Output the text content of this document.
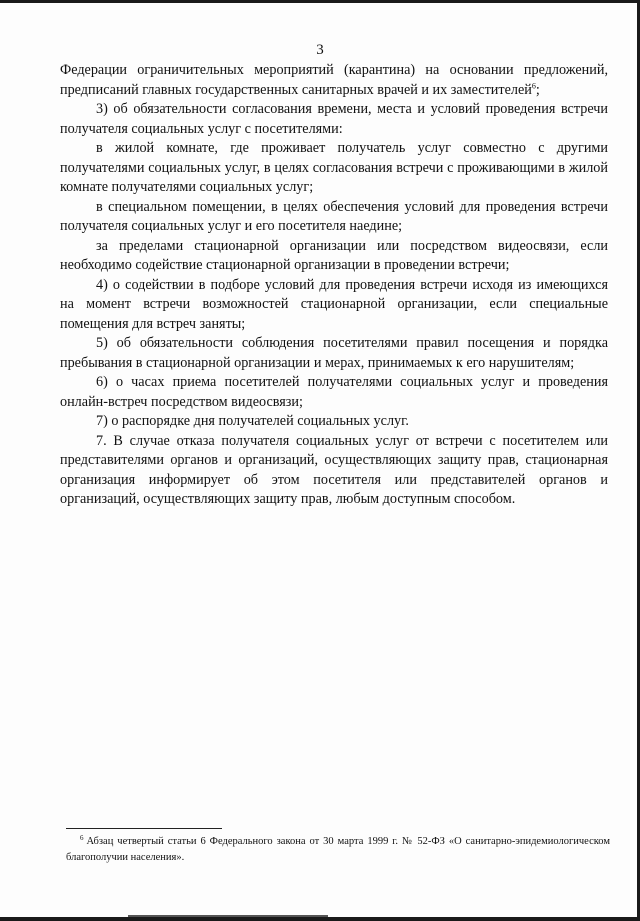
3

Федерации ограничительных мероприятий (карантина) на основании предложений, предписаний главных государственных санитарных врачей и их заместителей$^6$;

3) об обязательности согласования времени, места и условий проведения встречи получателя социальных услуг с посетителями:

в жилой комнате, где проживает получатель услуг совместно с другими получателями социальных услуг, в целях согласования встречи с проживающими в жилой комнате получателями социальных услуг;

в специальном помещении, в целях обеспечения условий для проведения встречи получателя социальных услуг и его посетителя наедине;

за пределами стационарной организации или посредством видеосвязи, если необходимо содействие стационарной организации в проведении встречи;

4) о содействии в подборе условий для проведения встречи исходя из имеющихся на момент встречи возможностей стационарной организации, если специальные помещения для встреч заняты;

5) об обязательности соблюдения посетителями правил посещения и порядка пребывания в стационарной организации и мерах, принимаемых к его нарушителям;

6) о часах приема посетителей получателями социальных услуг и проведения онлайн-встреч посредством видеосвязи;

7) о распорядке дня получателей социальных услуг.

7. В случае отказа получателя социальных услуг от встречи с посетителем или представителями органов и организаций, осуществляющих защиту прав, стационарная организация информирует об этом посетителя или представителей органов и организаций, осуществляющих защиту прав, любым доступным способом.

$^6$ Абзац четвертый статьи 6 Федерального закона от 30 марта 1999 г. № 52-ФЗ «О санитарно-эпидемиологическом благополучии населения».
